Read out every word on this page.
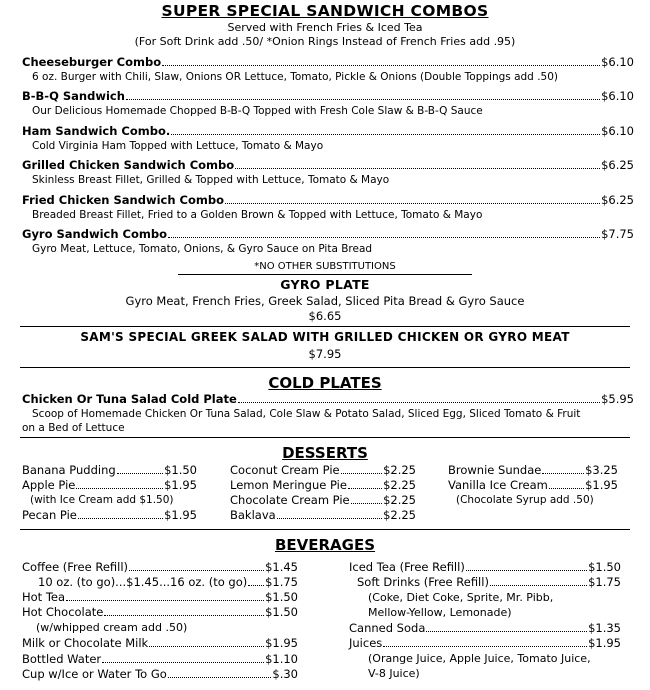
SUPER SPECIAL SANDWICH COMBOS
Served with French Fries & Iced Tea
(For Soft Drink add .50/ *Onion Rings Instead of French Fries add .95)
Cheeseburger Combo	$6.10
6 oz. Burger with Chili, Slaw, Onions OR Lettuce, Tomato, Pickle & Onions (Double Toppings add .50)
B-B-Q Sandwich	$6.10
Our Delicious Homemade Chopped B-B-Q Topped with Fresh Cole Slaw & B-B-Q Sauce
Ham Sandwich Combo.	$6.10
Cold Virginia Ham Topped with Lettuce, Tomato & Mayo
Grilled Chicken Sandwich Combo	$6.25
Skinless Breast Fillet, Grilled & Topped with Lettuce, Tomato & Mayo
Fried Chicken Sandwich Combo	$6.25
Breaded Breast Fillet, Fried to a Golden Brown & Topped with Lettuce, Tomato & Mayo
Gyro Sandwich Combo	$7.75
Gyro Meat, Lettuce, Tomato, Onions, & Gyro Sauce on Pita Bread
*NO OTHER SUBSTITUTIONS
GYRO PLATE
Gyro Meat, French Fries, Greek Salad, Sliced Pita Bread & Gyro Sauce
$6.65
SAM'S SPECIAL GREEK SALAD WITH GRILLED CHICKEN OR GYRO MEAT
$7.95
COLD PLATES
Chicken Or Tuna Salad Cold Plate	$5.95
Scoop of Homemade Chicken Or Tuna Salad, Cole Slaw & Potato Salad, Sliced Egg, Sliced Tomato & Fruit
on a Bed of Lettuce
DESSERTS
Banana Pudding	$1.50
Apple Pie	$1.95
(with Ice Cream add $1.50)
Pecan Pie	$1.95
Coconut Cream Pie	$2.25
Lemon Meringue Pie	$2.25
Chocolate Cream Pie	$2.25
Baklava	$2.25
Brownie Sundae	$3.25
Vanilla Ice Cream	$1.95
(Chocolate Syrup add .50)
BEVERAGES
Coffee (Free Refill)	$1.45
10 oz. (to go)...$1.45...16 oz. (to go) $1.75
Hot Tea	$1.50
Hot Chocolate	$1.50
(w/whipped cream add .50)
Milk or Chocolate Milk	$1.95
Bottled Water	$1.10
Cup w/Ice or Water To Go	$.30
Iced Tea (Free Refill)	$1.50
Soft Drinks (Free Refill)	$1.75
(Coke, Diet Coke, Sprite, Mr. Pibb,
Mellow-Yellow, Lemonade)
Canned Soda	$1.35
Juices	$1.95
(Orange Juice, Apple Juice, Tomato Juice,
V-8 Juice)
